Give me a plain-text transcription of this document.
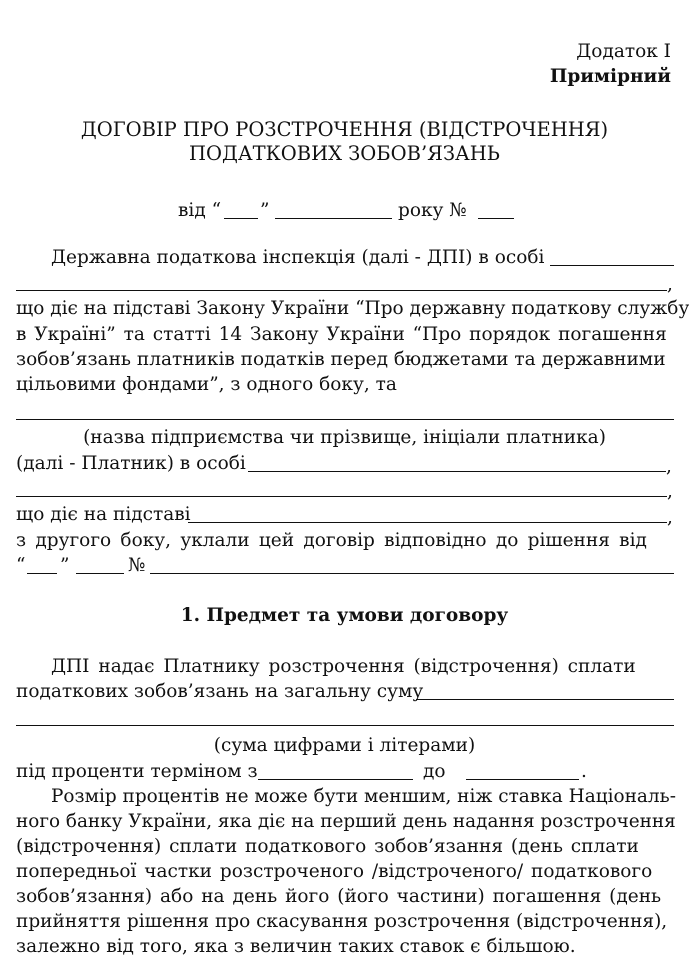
Додаток І
Примірний
ДОГОВІР ПРО РОЗСТРОЧЕННЯ (ВІДСТРОЧЕННЯ)
ПОДАТКОВИХ ЗОБОВ’ЯЗАНЬ
від “ ”	року №
Державна податкова інспекція (далі - ДПІ) в особі
,
що діє на підставі Закону України “Про державну податкову службу
в Україні” та статті 14 Закону України “Про порядок погашення
зобов’язань платників податків перед бюджетами та державними
цільовими фондами”, з одного боку, та
(назва підприємства чи прізвище, ініціали платника)
(далі - Платник) в особі	,
,
що діє на підставі	,
з другого боку, уклали цей договір відповідно до рішення від
“ ”	№
1. Предмет та умови договору
ДПІ надає Платнику розстрочення (відстрочення) сплати
податкових зобов’язань на загальну суму
(сума цифрами і літерами)
під проценти терміном з	до	.
Розмір процентів не може бути меншим, ніж ставка Національ-
ного банку України, яка діє на перший день надання розстрочення
(відстрочення) сплати податкового зобов’язання (день сплати
попередньої частки розстроченого /відстроченого/ податкового
зобов’язання) або на день його (його частини) погашення (день
прийняття рішення про скасування розстрочення (відстрочення),
залежно від того, яка з величин таких ставок є більшою.
